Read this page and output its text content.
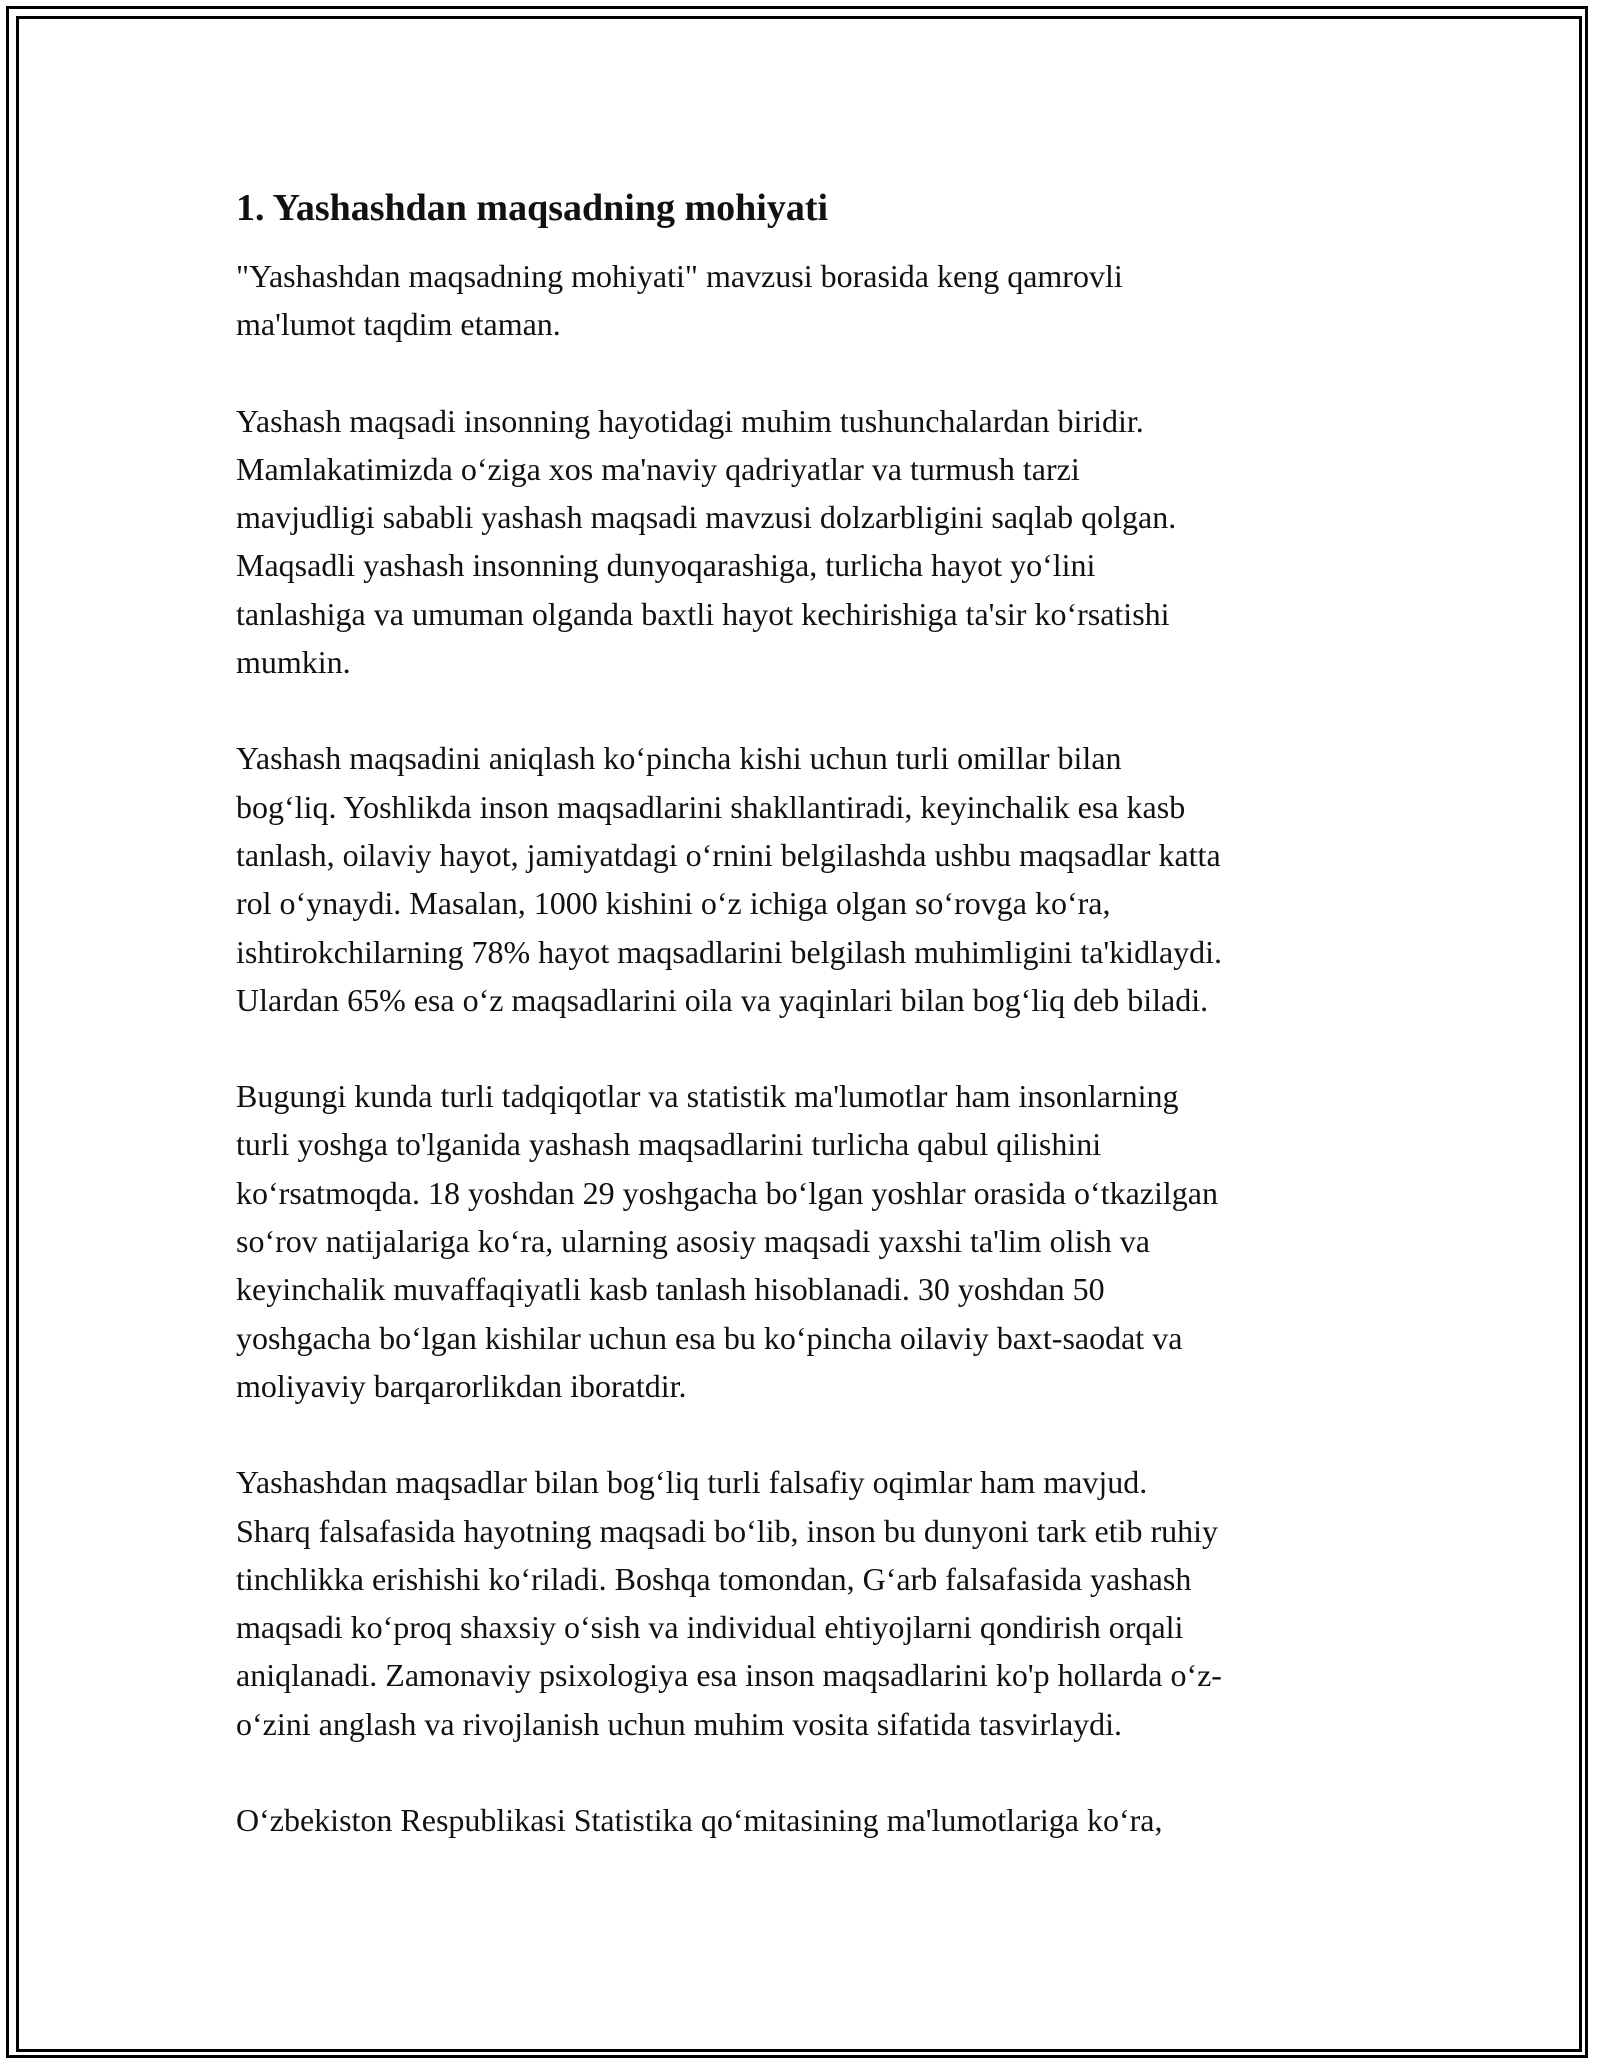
1. Yashashdan maqsadning mohiyati

"Yashashdan maqsadning mohiyati" mavzusi borasida keng qamrovli
ma'lumot taqdim etaman.

Yashash maqsadi insonning hayotidagi muhim tushunchalardan biridir.
Mamlakatimizda o‘ziga xos ma'naviy qadriyatlar va turmush tarzi
mavjudligi sababli yashash maqsadi mavzusi dolzarbligini saqlab qolgan.
Maqsadli yashash insonning dunyoqarashiga, turlicha hayot yo‘lini
tanlashiga va umuman olganda baxtli hayot kechirishiga ta'sir ko‘rsatishi
mumkin.

Yashash maqsadini aniqlash ko‘pincha kishi uchun turli omillar bilan
bog‘liq. Yoshlikda inson maqsadlarini shakllantiradi, keyinchalik esa kasb
tanlash, oilaviy hayot, jamiyatdagi o‘rnini belgilashda ushbu maqsadlar katta
rol o‘ynaydi. Masalan, 1000 kishini o‘z ichiga olgan so‘rovga ko‘ra,
ishtirokchilarning 78% hayot maqsadlarini belgilash muhimligini ta'kidlaydi.
Ulardan 65% esa o‘z maqsadlarini oila va yaqinlari bilan bog‘liq deb biladi.

Bugungi kunda turli tadqiqotlar va statistik ma'lumotlar ham insonlarning
turli yoshga to'lganida yashash maqsadlarini turlicha qabul qilishini
ko‘rsatmoqda. 18 yoshdan 29 yoshgacha bo‘lgan yoshlar orasida o‘tkazilgan
so‘rov natijalariga ko‘ra, ularning asosiy maqsadi yaxshi ta'lim olish va
keyinchalik muvaffaqiyatli kasb tanlash hisoblanadi. 30 yoshdan 50
yoshgacha bo‘lgan kishilar uchun esa bu ko‘pincha oilaviy baxt-saodat va
moliyaviy barqarorlikdan iboratdir.

Yashashdan maqsadlar bilan bog‘liq turli falsafiy oqimlar ham mavjud.
Sharq falsafasida hayotning maqsadi bo‘lib, inson bu dunyoni tark etib ruhiy
tinchlikka erishishi ko‘riladi. Boshqa tomondan, G‘arb falsafasida yashash
maqsadi ko‘proq shaxsiy o‘sish va individual ehtiyojlarni qondirish orqali
aniqlanadi. Zamonaviy psixologiya esa inson maqsadlarini ko'p hollarda o‘z-
o‘zini anglash va rivojlanish uchun muhim vosita sifatida tasvirlaydi.

O‘zbekiston Respublikasi Statistika qo‘mitasining ma'lumotlariga ko‘ra,
